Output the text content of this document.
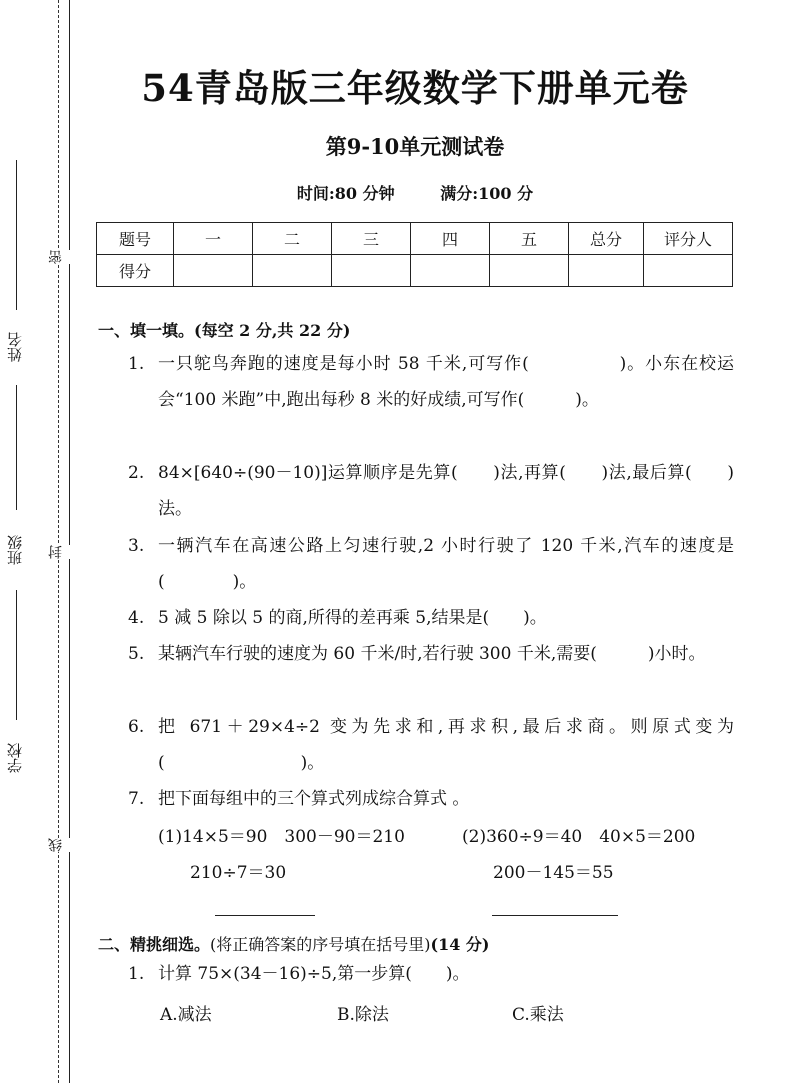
姓名
班级
学校
密
封
线
54青岛版三年级数学下册单元卷
第9-10单元测试卷
时间:80 分钟	满分:100 分
题号	一	二	三	四	五	总分	评分人
得分							
一、填一填。(每空 2 分,共 22 分)
1. 一只鸵鸟奔跑的速度是每小时 58 千米,可写作(　　　　　)。小东在校运会“100 米跑”中,跑出每秒 8 米的好成绩,可写作(　　　)。
2. 84×[640÷(90－10)]运算顺序是先算(　　)法,再算(　　)法,最后算(　　)法。
3. 一辆汽车在高速公路上匀速行驶,2 小时行驶了 120 千米,汽车的速度是(　　　　)。
4. 5 减 5 除以 5 的商,所得的差再乘 5,结果是(　　)。
5. 某辆汽车行驶的速度为 60 千米/时,若行驶 300 千米,需要(　　　)小时。
6. 把 671＋29×4÷2 变为先求和,再求积,最后求商。则原式变为(　　　　　　　　)。
7. 把下面每组中的三个算式列成综合算式 。
(1)14×5＝90　300－90＝210	(2)360÷9＝40　40×5＝200
210÷7＝30	200－145＝55
二、精挑细选。(将正确答案的序号填在括号里)(14 分)
1. 计算 75×(34－16)÷5,第一步算(　　)。
A.减法	B.除法	C.乘法
